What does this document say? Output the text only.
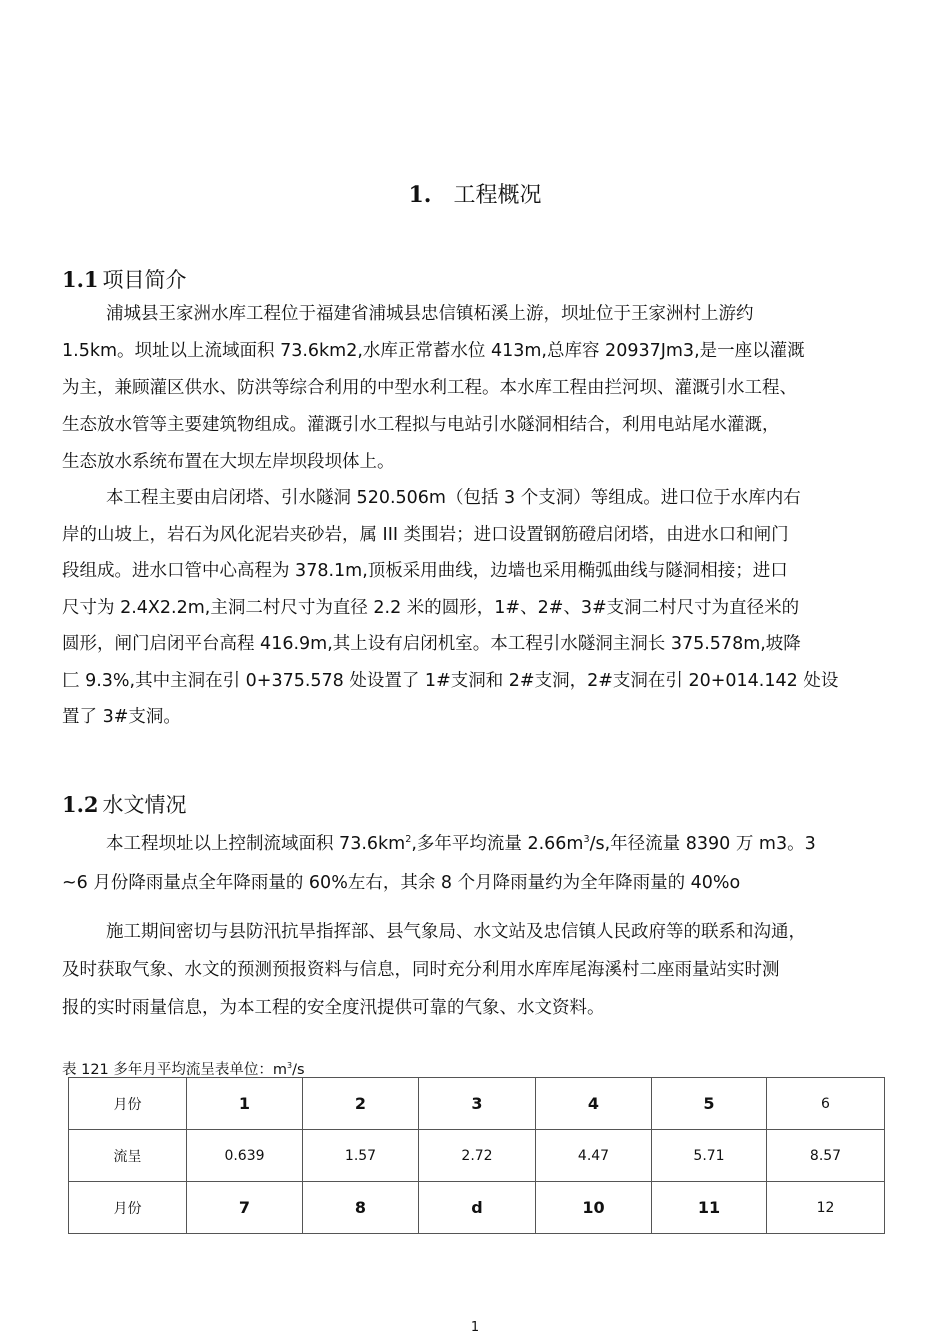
1. 工程概况
1.1 项目简介
浦城县王家洲水库工程位于福建省浦城县忠信镇柘溪上游，坝址位于王家洲村上游约
1.5km。坝址以上流域面积 73.6km2,水库正常蓄水位 413m,总库容 20937Jm3,是一座以灌溉
为主，兼顾灌区供水、防洪等综合利用的中型水利工程。本水库工程由拦河坝、灌溉引水工程、
生态放水管等主要建筑物组成。灌溉引水工程拟与电站引水隧洞相结合，利用电站尾水灌溉，
生态放水系统布置在大坝左岸坝段坝体上。
本工程主要由启闭塔、引水隧洞 520.506m（包括 3 个支洞）等组成。进口位于水库内右
岸的山坡上，岩石为风化泥岩夹砂岩，属 III 类围岩；进口设置钢筋磴启闭塔，由进水口和闸门
段组成。进水口管中心高程为 378.1m,顶板采用曲线，边墙也采用椭弧曲线与隧洞相接；进口
尺寸为 2.4X2.2m,主洞二村尺寸为直径 2.2 米的圆形，1#、2#、3#支洞二村尺寸为直径米的
圆形，闸门启闭平台高程 416.9m,其上设有启闭机室。本工程引水隧洞主洞长 375.578m,坡降
匚 9.3%,其中主洞在引 0+375.578 处设置了 1#支洞和 2#支洞，2#支洞在引 20+014.142 处设
置了 3#支洞。
1.2 水文情况
本工程坝址以上控制流域面积 $73.6km^2$,多年平均流量 $2.66m^3/s$,年径流量 8390 万 m3。3
~6 月份降雨量点全年降雨量的 60%左右，其余 8 个月降雨量约为全年降雨量的 40%o
施工期间密切与县防汛抗旱指挥部、县气象局、水文站及忠信镇人民政府等的联系和沟通，
及时获取气象、水文的预测预报资料与信息，同时充分利用水库库尾海溪村二座雨量站实时测
报的实时雨量信息，为本工程的安全度汛提供可靠的气象、水文资料。
表 121 多年月平均流呈表单位：$m^3/s$
月份	1	2	3	4	5	6
流呈	0.639	1.57	2.72	4.47	5.71	8.57
月份	7	8	d	10	11	12
1
